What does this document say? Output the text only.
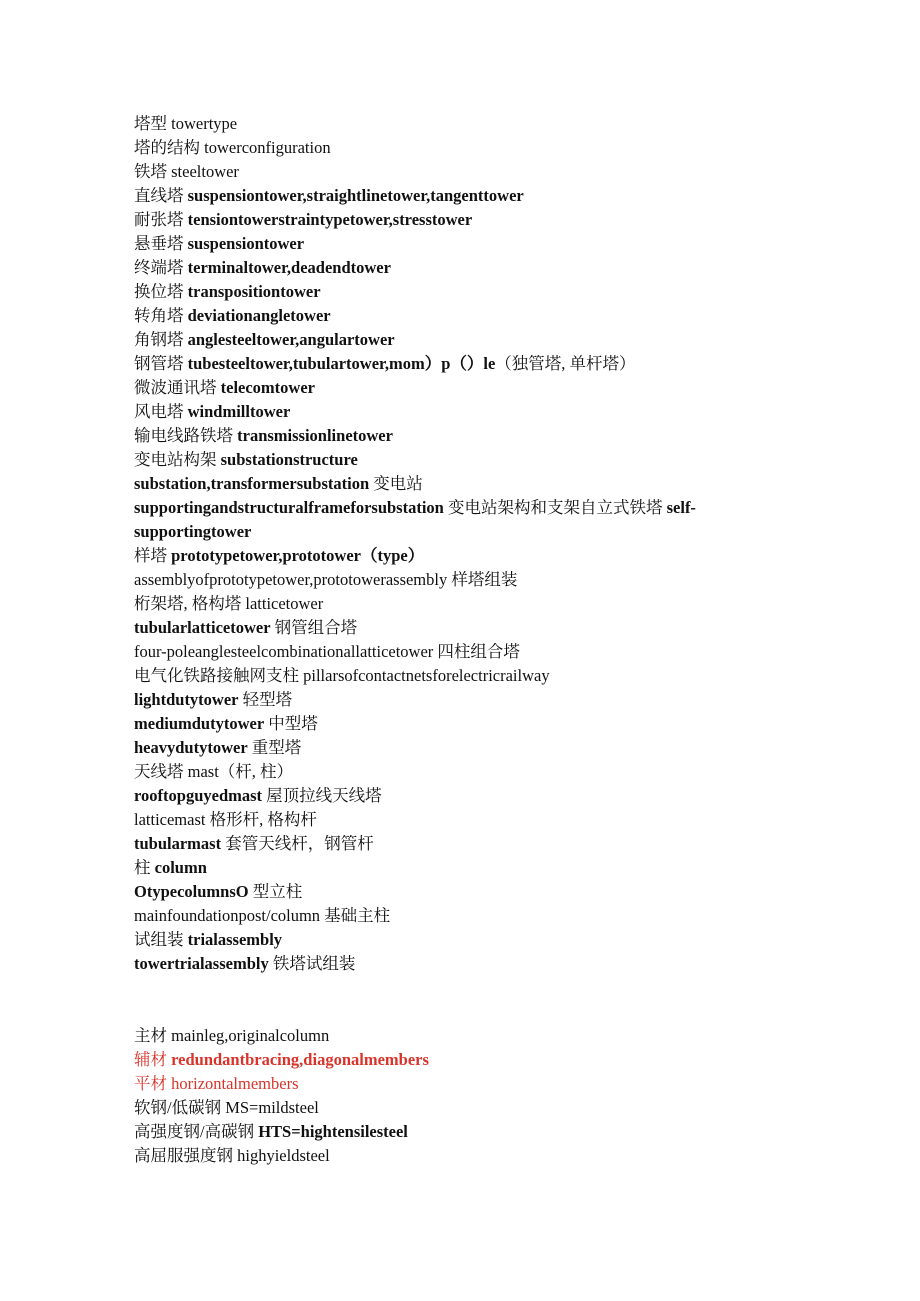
塔型 towertype
塔的结构 towerconfiguration
铁塔 steeltower
直线塔 suspensiontower,straightlinetower,tangenttower
耐张塔 tensiontowerstraintypetower,stresstower
悬垂塔 suspensiontower
终端塔 terminaltower,deadendtower
换位塔 transpositiontower
转角塔 deviationangletower
角钢塔 anglesteeltower,angulartower
钢管塔 tubesteeltower,tubulartower,mom）p（）le（独管塔, 单杆塔）
微波通讯塔 telecomtower
风电塔 windmilltower
输电线路铁塔 transmissionlinetower
变电站构架 substationstructure
substation,transformersubstation 变电站
supportingandstructuralframeforsubstation 变电站架构和支架自立式铁塔 self-supportingtower
样塔 prototypetower,prototower（type）
assemblyofprototypetower,prototowerassembly 样塔组装
桁架塔, 格构塔 latticetower
tubularlatticetower 钢管组合塔
four-poleanglesteelcombinationallatticetower 四柱组合塔
电气化铁路接触网支柱 pillarsofcontactnetsforelectricrailway
lightdutytower 轻型塔
mediumdutytower 中型塔
heavydutytower 重型塔
天线塔 mast（杆, 柱）
rooftopguyedmast 屋顶拉线天线塔
latticemast 格形杆, 格构杆
tubularmast 套管天线杆，钢管杆
柱 column
OtypecolumnsO 型立柱
mainfoundationpost/column 基础主柱
试组装 trialassembly
towertrialassembly 铁塔试组装
主材 mainleg,originalcolumn
辅材 redundantbracing,diagonalmembers
平材 horizontalmembers
软钢/低碳钢 MS=mildsteel
高强度钢/高碳钢 HTS=hightensilesteel
高屈服强度钢 highyieldsteel
